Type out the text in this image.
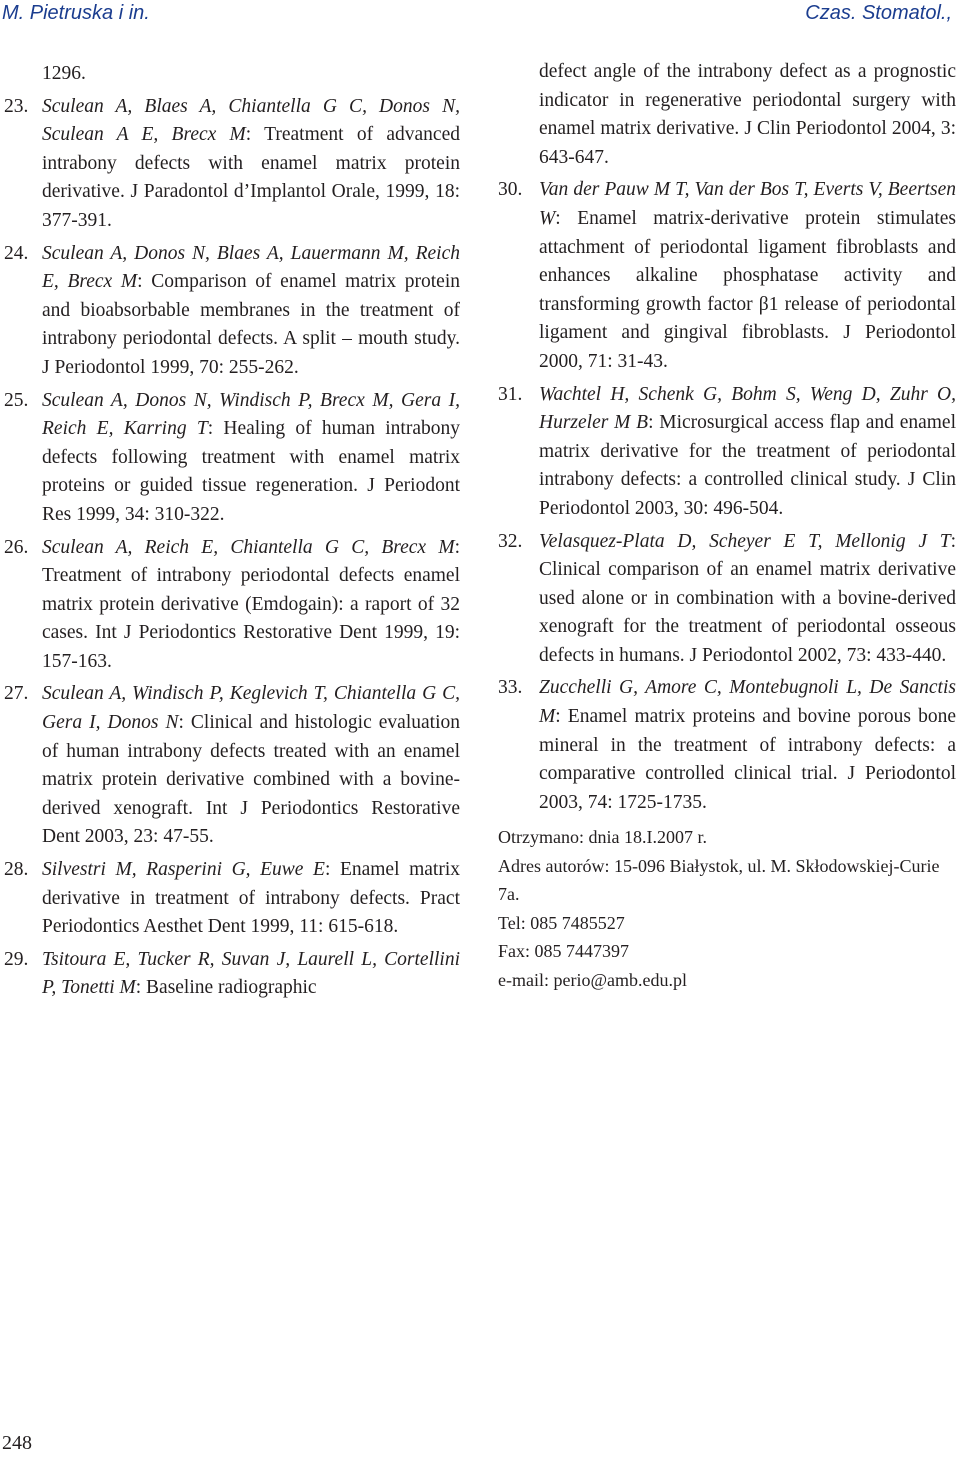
M. Pietruska i in.	Czas. Stomatol.,
1296.
23. Sculean A, Blaes A, Chiantella G C, Donos N, Sculean A E, Brecx M: Treatment of advanced intrabony defects with enamel matrix protein derivative. J Paradontol d’Implantol Orale, 1999, 18: 377-391.
24. Sculean A, Donos N, Blaes A, Lauermann M, Reich E, Brecx M: Comparison of enamel matrix protein and bioabsorbable membranes in the treatment of intrabony periodontal defects. A split – mouth study. J Periodontol 1999, 70: 255-262.
25. Sculean A, Donos N, Windisch P, Brecx M, Gera I, Reich E, Karring T: Healing of human intrabony defects following treatment with enamel matrix proteins or guided tissue regeneration. J Periodont Res 1999, 34: 310-322.
26. Sculean A, Reich E, Chiantella G C, Brecx M: Treatment of intrabony periodontal defects enamel matrix protein derivative (Emdogain): a raport of 32 cases. Int J Periodontics Restorative Dent 1999, 19: 157-163.
27. Sculean A, Windisch P, Keglevich T, Chiantella G C, Gera I, Donos N: Clinical and histologic evaluation of human intrabony defects treated with an enamel matrix protein derivative combined with a bovine-derived xenograft. Int J Periodontics Restorative Dent 2003, 23: 47-55.
28. Silvestri M, Rasperini G, Euwe E: Enamel matrix derivative in treatment of intrabony defects. Pract Periodontics Aesthet Dent 1999, 11: 615-618.
29. Tsitoura E, Tucker R, Suvan J, Laurell L, Cortellini P, Tonetti M: Baseline radiographic
defect angle of the intrabony defect as a prognostic indicator in regenerative periodontal surgery with enamel matrix derivative. J Clin Periodontol 2004, 3: 643-647.
30. Van der Pauw M T, Van der Bos T, Everts V, Beertsen W: Enamel matrix-derivative protein stimulates attachment of periodontal ligament fibroblasts and enhances alkaline phosphatase activity and transforming growth factor β1 release of periodontal ligament and gingival fibroblasts. J Periodontol 2000, 71: 31-43.
31. Wachtel H, Schenk G, Bohm S, Weng D, Zuhr O, Hurzeler M B: Microsurgical access flap and enamel matrix derivative for the treatment of periodontal intrabony defects: a controlled clinical study. J Clin Periodontol 2003, 30: 496-504.
32. Velasquez-Plata D, Scheyer E T, Mellonig J T: Clinical comparison of an enamel matrix derivative used alone or in combination with a bovine-derived xenograft for the treatment of periodontal osseous defects in humans. J Periodontol 2002, 73: 433-440.
33. Zucchelli G, Amore C, Montebugnoli L, De Sanctis M: Enamel matrix proteins and bovine porous bone mineral in the treatment of intrabony defects: a comparative controlled clinical trial. J Periodontol 2003, 74: 1725-1735.
Otrzymano: dnia 18.I.2007 r.
Adres autorów: 15-096 Białystok, ul. M. Skłodowskiej-Curie 7a.
Tel: 085 7485527
Fax: 085 7447397
e-mail: perio@amb.edu.pl
248
